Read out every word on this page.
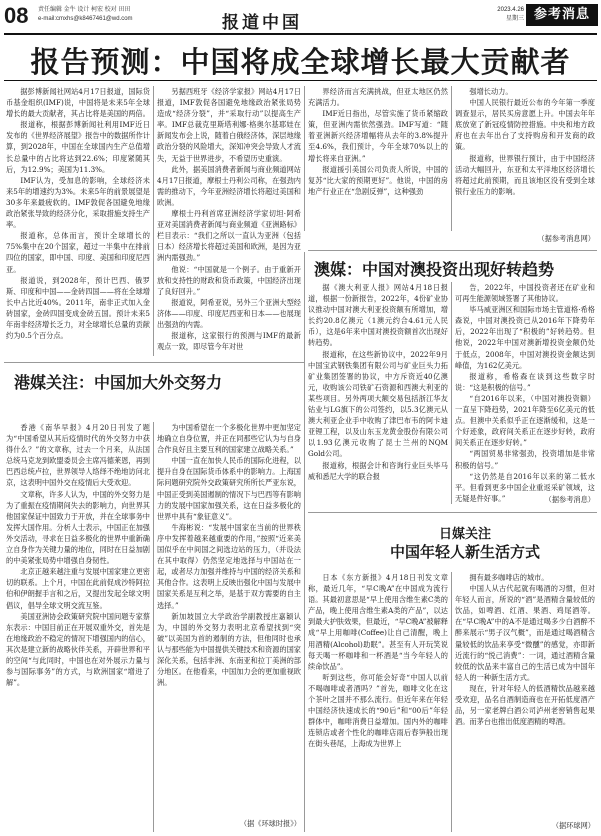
08 责任编辑 金牛 设计 柯宏 校对 田田
e-mail:cmxhs@k8467461@wd.com	报道中国
2023.4.26
星期三 参考消息
报告预测：中国将成全球增长最大贡献者

据彭博新闻社网站4月17日报道，国际货币基金组织(IMF)说，中国将是未来5年全球增长的最大贡献者，其占比将是美国的两倍。

报道称，根据彭博新闻社利用IMF近日发布的《世界经济展望》报告中的数据所作计算，到2028年，中国在全球国内生产总值增长总量中的占比将达到22.6%；印度紧随其后，为12.9%；美国为11.3%。

IMF认为，受加息的影响，全球经济未来5年的增速约为3%。未来5年的前景展望是30多年来最疲软的。IMF敦促各国避免地缘政治紧张导致的经济分化，采取措施支持生产率。

报道称，总体而言，预计全球增长的75%集中在20个国家，超过一半集中在排前四位的国家，即中国、印度、美国和印度尼西亚。

报道说，到2028年，预计巴西、俄罗斯、印度和中国——金砖四国——将在全球增长中占比近40%。2011年，南非正式加入金砖国家，金砖四国变成金砖五国。预计未来5年南非经济增长乏力，对全球增长总量的贡献约为0.5个百分点。

另据西班牙《经济学家报》网站4月17日报道，IMF敦促各国避免地缘政治紧张局势造成“经济分裂”，并“采取行动”以提高生产率。IMF总裁克里斯塔利娜·格奥尔基耶娃在新闻发布会上说，随着白俄经济体，深层地缘政治分裂的风险增大，深知冲突会导致人才流失，无益于世界进步，不希望历史重演。

此外，据美国消费者新闻与商业频道网站4月17日报道，摩根士丹利公司称，在强劲内需的推动下，今年亚洲经济增长将超过美国和欧洲。

摩根士丹利首席亚洲经济学家切坦·阿希亚对美国消费者新闻与商业频道《亚洲路标》栏目表示：“我们之所以一直认为亚洲（包括日本）经济增长将超过美国和欧洲，是因为亚洲内需强劲。”

他说：“中国就是一个例子。由于重新开放和支持性的财政和货币政策，中国经济出现了良好回升。”

报道说，阿希亚说，另外三个亚洲大型经济体——印度、印度尼西亚和日本——也展现出强劲的内需。

报道称，这家银行的预测与IMF的最新观点一致，即尽管今年对世

界经济而言充满挑战，但亚太地区仍然充满活力。

IMF近日指出，尽管实施了货币紧缩政策，但亚洲内需依然强劲。IMF写道：“随着亚洲新兴经济增幅将从去年的3.8%提升至4.6%，我们预计，今年全球70%以上的增长将来自亚洲。”

报道援引美国公司负责人所说，中国的复苏“比大家的预期更好”。他说，中国的房地产行业正在“急剧反弹”，这种强劲

强增长动力。

中国人民银行最近公布的今年第一季度调查显示，居民买房意愿上升。中国去年年底放宽了新冠疫情防控措施。中央和地方政府也在去年出台了支持购房和开发商的政策。

报道称，世界银行预计，由于中国经济活动大幅回升，东亚和太平洋地区经济增长将超过此前预期，而且该地区没有受到全球银行业压力的影响。

（据参考消息网）
澳媒：中国对澳投资出现好转趋势

据《澳大利亚人报》网站4月18日报道，根据一份新报告，2022年，4份矿业协议推动中国对澳大利亚投资额有所增加，增长约20.8亿澳元（1澳元约合4.61元人民币），这是6年来中国对澳投资额首次出现好转趋势。

报道称，在这些新协议中，2022年9月中国宝武钢铁集团有限公司与矿业巨头力拓矿业集团签署的协议，中方斥资近40亿澳元，收购该公司铁矿石资源和西澳大利亚的某些项目。另外两项大额交易包括浙江华友钴业与LG旗下的公司签约，以5.3亿澳元从澳大利亚企业手中收购了津巴布韦的阿卡迪亚锂工程，以及山东玉龙黄金股份有限公司以1.93亿澳元收购了昆士兰州的NQM Gold公司。

报道称，根据会计和咨询行业巨头毕马威和悉尼大学的联合报

告，2022年，中国投资者还在矿业和可再生能源领域签署了其他协议。

毕马威亚洲区和国际市场主管道格·希格森说，中国对澳投资已从2016年下降势年后，2022年出现了“积极的”好转趋势。但他说，2022年中国对澳新增投资金额仍处于低点，2008年，中国对澳投资金额达到峰值，为162亿美元。

报道称，希格森在谈到这些数字时说：“这是积极的信号。”

“自2016年以来，（中国对澳投资额）一直呈下降趋势，2021年降至6亿美元的低点。但澳中关系似乎正在逐渐缓和，这是一个好迹象，政府间关系正在逐步好转，政府间关系正在逐步好转。”

“两国贸易非常强劲，投资增加是非常积极的信号。”

“这仍然是自2016年以来的第二低水平。但看到更多中国企业重返采矿领域，这无疑是件好事。”	（据参考消息）
港媒关注：中国加大外交努力

香港《南华早报》4月20日刊发了题为“中国希望从其后疫情时代的外交努力中获得什么？”的文章称，过去一个月来，从法国总统马克龙到欧盟委员会主席冯德莱恩，再到巴西总统卢拉，世界领导人络绎不绝地访问北京，这表明中国外交在疫情后大受欢迎。

文章称，许多人认为，中国的外交努力是为了重振在疫情期间失去的影响力，向世界其他国家保证中国致力于开放，并在全球事务中发挥大国作用。分析人士表示，中国正在加强外交活动，寻求在日益多极化的世界中重新确立自身作为关键力量的地位，同时在日益加剧的中美紧张局势中增强自身韧性。

北京正越来越注重与发展中国家建立更密切的联系。上个月，中国在此前促成沙特阿拉伯和伊朗握手言和之后，又提出发起全球文明倡议，倡导全球文明交流互鉴。

美国亚洲协会政策研究院中国问题专家蔡东表示：中国目前正在开展双重外交，首先是在地缘政治不稳定的情况下增强国内的信心，其次是建立新的战略伙伴关系，开辟世界和平的空间“与此同时，中国也在对外展示力量与参与国际事务”的方式，与欧洲国家“增进了解”。

为中国希望在一个多极化世界中更加坚定地确立自身位置，并正在同那些它认为与自身合作良好且主要互利的国家建立战略关系。”

中国一直在加快人民币的国际化进程，以提升自身在国际货币体系中的影响力。上海国际问题研究院外交政策研究所所长严亚东说，中国正受到美国遏制的情况下与巴西等有影响力的发展中国家加强关系，这在日益多极化的世界中具有“象征意义”。

牛海彬说：“发展中国家在当前的世界秩序中发挥着越来越重要的作用，”按照“近来美国似乎在中间国之间选边站的压力，（并设法在其中取得）仍然坚定地选择与中国站在一起，或者尽力加强并维持与中国的经济关系和其他合作。这表明上反映出强化中国与发展中国家关系是互利之举，是基于双方需要的自主选择。”

新加坡国立大学政治学副教授庄嘉颖认为，中国的外交努力表明北京希望找到“突破”以美国为首的遏制的方法，但他同时也承认与那些能为中国提供关键技术和资源的国家深化关系，包括非洲、东南亚和拉丁美洲的部分地区。在他看来，中国加力会的更加重视欧洲。

（据《环球时报》）
日媒关注
中国年轻人新生活方式

日本《东方新报》4月18日刊发文章称，最近几年，“早C晚A”在中国成为流行语。其最初意思是“早上使用含维生素C类的产品，晚上使用含维生素A类的产品”，以达到最大护肤效果，但最近，“早C晚A”被解释成“早上用咖啡(Coffee)让自己清醒，晚上用酒精(Alcohol)助眠”。甚至有人开玩笑说每天喝一杯咖啡和一杯酒是“当今年轻人的续命饮品”。

听到这些，你可能会好奇“中国人以前不喝咖啡或者酒吗？”首先，咖啡文化在这个茶叶之国并不那么流行。但近年来在年轻中国经济快速成长的“90后”和“00后”年轻群体中，咖啡消费日益增加。国内外的咖啡连锁店或者个性化的咖啡店雨后春笋般出现在街头巷尾，上海成为世界上

拥有最多咖啡店的城市。

中国人从古代起就有喝酒的习惯，但对年轻人而言，所说的“酒”是酒精含量较低的饮品，如啤酒、红酒、果酒、鸡尾酒等。在“早C晚A”中的A不是通过喝多少白酒醉不醉来展示“男子汉气概”，而是通过喝酒精含量较低的饮品来享受“微醺”的感觉，亦即新近流行的“悦己消费”：一词，通过酒精含量较低的饮品来丰富自己的生活已成为中国年轻人的一种新生活方式。

现在，针对年轻人的低酒精饮品越来越受欢迎，品名自酒制造商也在开拓低度酒产品，另一家老牌白酒公司泸州老窖销售起果酒。而茅台也推出低度酒精的啤酒。

（据环球网）
